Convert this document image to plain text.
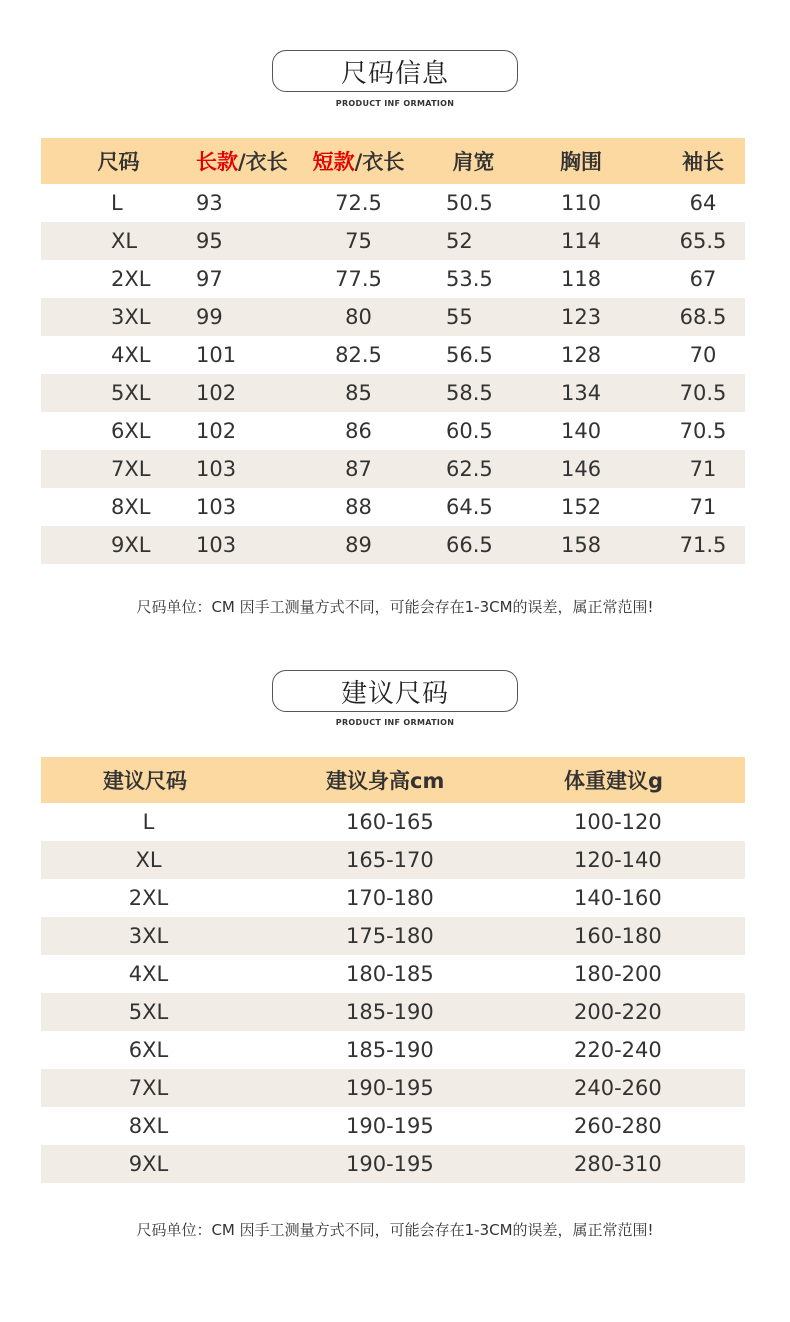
尺码信息
PRODUCT INF ORMATION
尺码	长款/衣长	短款/衣长	肩宽	胸围	袖长
L	93	72.5	50.5	110	64
XL	95	75	52	114	65.5
2XL	97	77.5	53.5	118	67
3XL	99	80	55	123	68.5
4XL	101	82.5	56.5	128	70
5XL	102	85	58.5	134	70.5
6XL	102	86	60.5	140	70.5
7XL	103	87	62.5	146	71
8XL	103	88	64.5	152	71
9XL	103	89	66.5	158	71.5
尺码单位：CM 因手工测量方式不同，可能会存在1-3CM的误差，属正常范围!
建议尺码
PRODUCT INF ORMATION
建议尺码	建议身高cm	体重建议g
L	160-165	100-120
XL	165-170	120-140
2XL	170-180	140-160
3XL	175-180	160-180
4XL	180-185	180-200
5XL	185-190	200-220
6XL	185-190	220-240
7XL	190-195	240-260
8XL	190-195	260-280
9XL	190-195	280-310
尺码单位：CM 因手工测量方式不同，可能会存在1-3CM的误差，属正常范围!
